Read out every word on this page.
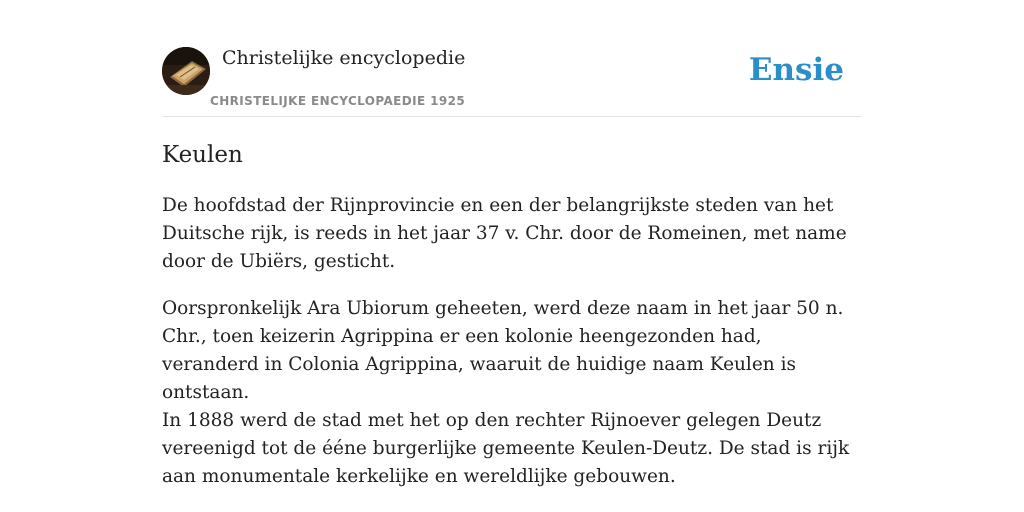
Christelijke encyclopedie
CHRISTELIJKE ENCYCLOPAEDIE 1925
Ensie
Keulen

De hoofdstad der Rijnprovincie en een der belangrijkste steden van het Duitsche rijk, is reeds in het jaar 37 v. Chr. door de Romeinen, met name door de Ubiërs, gesticht.

Oorspronkelijk Ara Ubiorum geheeten, werd deze naam in het jaar 50 n. Chr., toen keizerin Agrippina er een kolonie heengezonden had, veranderd in Colonia Agrippina, waaruit de huidige naam Keulen is ontstaan.

In 1888 werd de stad met het op den rechter Rijnoever gelegen Deutz vereenigd tot de ééne burgerlijke gemeente Keulen-Deutz. De stad is rijk aan monumentale kerkelijke en wereldlijke gebouwen.
